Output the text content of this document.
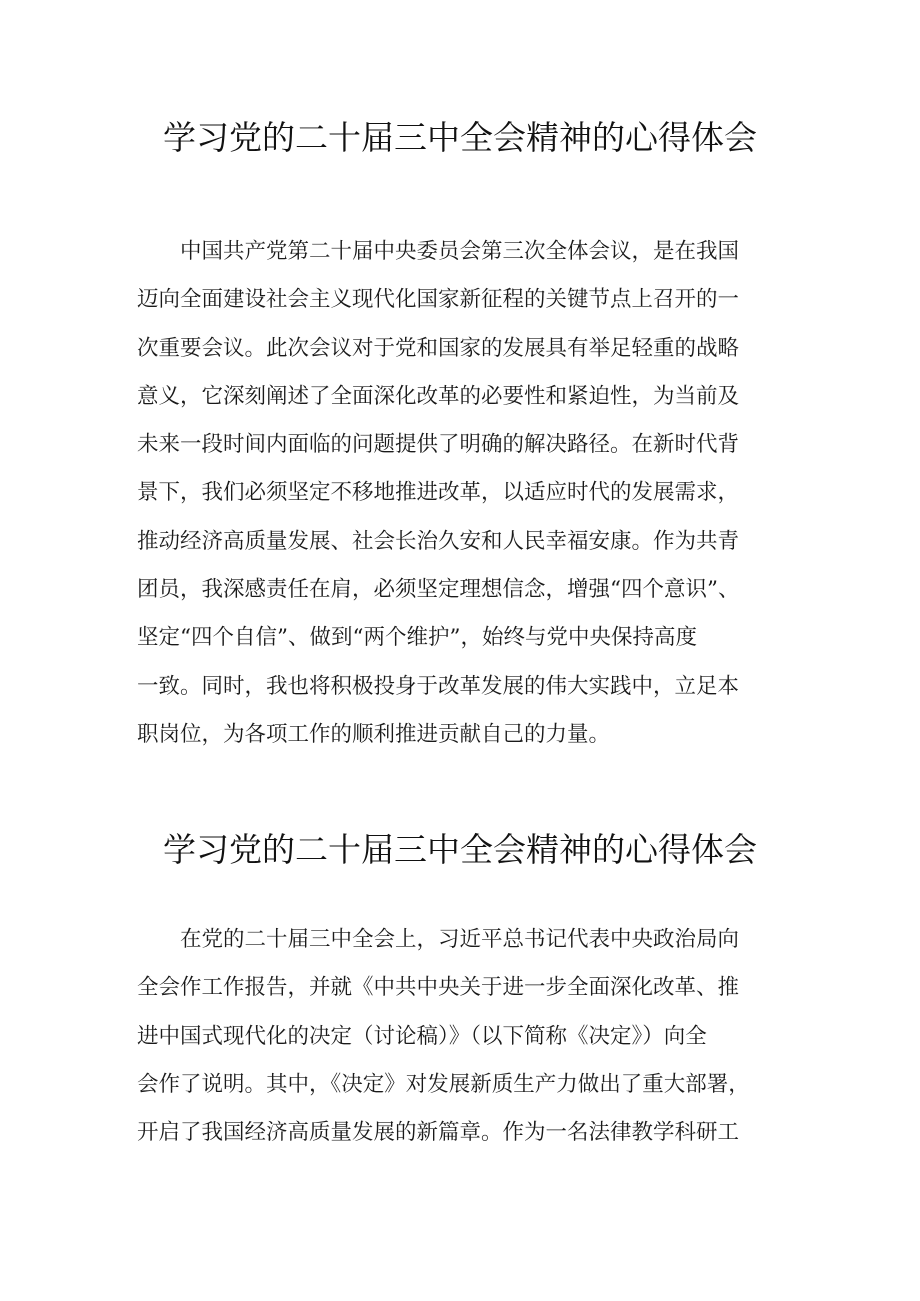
学习党的二十届三中全会精神的心得体会
　　中国共产党第二十届中央委员会第三次全体会议，是在我国
迈向全面建设社会主义现代化国家新征程的关键节点上召开的一
次重要会议。此次会议对于党和国家的发展具有举足轻重的战略
意义，它深刻阐述了全面深化改革的必要性和紧迫性，为当前及
未来一段时间内面临的问题提供了明确的解决路径。在新时代背
景下，我们必须坚定不移地推进改革，以适应时代的发展需求，
推动经济高质量发展、社会长治久安和人民幸福安康。作为共青
团员，我深感责任在肩，必须坚定理想信念，增强“四个意识”、
坚定“四个自信”、做到“两个维护”，始终与党中央保持高度
一致。同时，我也将积极投身于改革发展的伟大实践中，立足本
职岗位，为各项工作的顺利推进贡献自己的力量。
学习党的二十届三中全会精神的心得体会
　　在党的二十届三中全会上，习近平总书记代表中央政治局向
全会作工作报告，并就《中共中央关于进一步全面深化改革、推
进中国式现代化的决定（讨论稿）》（以下简称《决定》）向全
会作了说明。其中，《决定》对发展新质生产力做出了重大部署，
开启了我国经济高质量发展的新篇章。作为一名法律教学科研工
